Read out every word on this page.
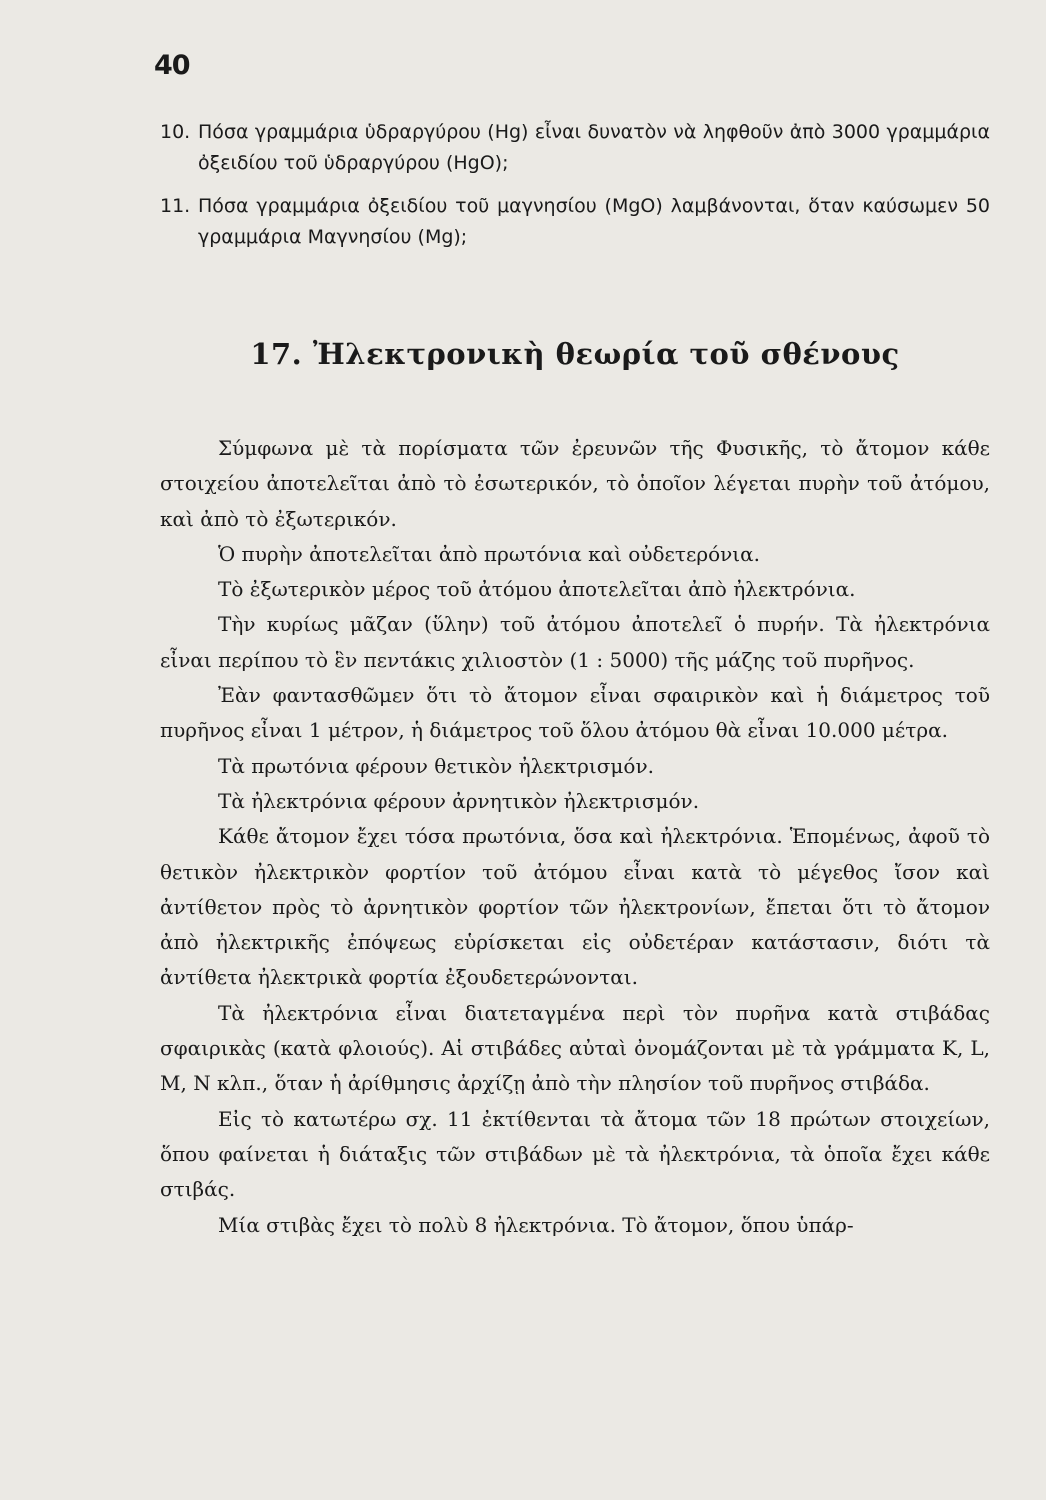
40

10. Πόσα γραμμάρια ὑδραργύρου (Hg) εἶναι δυνατὸν νὰ ληφθοῦν ἀπὸ 3000 γραμμάρια ὀξειδίου τοῦ ὑδραργύρου (HgO);

11. Πόσα γραμμάρια ὀξειδίου τοῦ μαγνησίου (MgO) λαμβάνονται, ὅταν καύσωμεν 50 γραμμάρια Μαγνησίου (Mg);

17. Ἠλεκτρονικὴ θεωρία τοῦ σθένους

Σύμφωνα μὲ τὰ πορίσματα τῶν ἐρευνῶν τῆς Φυσικῆς, τὸ ἄτομον κάθε στοιχείου ἀποτελεῖται ἀπὸ τὸ ἐσωτερικόν, τὸ ὁποῖον λέγεται πυρὴν τοῦ ἀτόμου, καὶ ἀπὸ τὸ ἐξωτερικόν.

Ὁ πυρὴν ἀποτελεῖται ἀπὸ πρωτόνια καὶ οὐδετερόνια.

Τὸ ἐξωτερικὸν μέρος τοῦ ἀτόμου ἀποτελεῖται ἀπὸ ἠλεκτρόνια.

Τὴν κυρίως μᾶζαν (ὕλην) τοῦ ἀτόμου ἀποτελεῖ ὁ πυρήν. Τὰ ἠλεκτρόνια εἶναι περίπου τὸ ἓν πεντάκις χιλιοστὸν (1 : 5000) τῆς μάζης τοῦ πυρῆνος.

Ἐὰν φαντασθῶμεν ὅτι τὸ ἄτομον εἶναι σφαιρικὸν καὶ ἡ διάμετρος τοῦ πυρῆνος εἶναι 1 μέτρον, ἡ διάμετρος τοῦ ὅλου ἀτόμου θὰ εἶναι 10.000 μέτρα.

Τὰ πρωτόνια φέρουν θετικὸν ἠλεκτρισμόν.

Τὰ ἠλεκτρόνια φέρουν ἀρνητικὸν ἠλεκτρισμόν.

Κάθε ἄτομον ἔχει τόσα πρωτόνια, ὅσα καὶ ἠλεκτρόνια. Ἑπομένως, ἀφοῦ τὸ θετικὸν ἠλεκτρικὸν φορτίον τοῦ ἀτόμου εἶναι κατὰ τὸ μέγεθος ἴσον καὶ ἀντίθετον πρὸς τὸ ἀρνητικὸν φορτίον τῶν ἠλεκτρονίων, ἔπεται ὅτι τὸ ἄτομον ἀπὸ ἠλεκτρικῆς ἐπόψεως εὑρίσκεται εἰς οὐδετέραν κατάστασιν, διότι τὰ ἀντίθετα ἠλεκτρικὰ φορτία ἐξουδετερώνονται.

Τὰ ἠλεκτρόνια εἶναι διατεταγμένα περὶ τὸν πυρῆνα κατὰ στιβάδας σφαιρικὰς (κατὰ φλοιούς). Αἱ στιβάδες αὐταὶ ὀνομάζονται μὲ τὰ γράμματα K, L, M, N κλπ., ὅταν ἡ ἀρίθμησις ἀρχίζῃ ἀπὸ τὴν πλησίον τοῦ πυρῆνος στιβάδα.

Εἰς τὸ κατωτέρω σχ. 11 ἐκτίθενται τὰ ἄτομα τῶν 18 πρώτων στοιχείων, ὅπου φαίνεται ἡ διάταξις τῶν στιβάδων μὲ τὰ ἠλεκτρόνια, τὰ ὁποῖα ἔχει κάθε στιβάς.

Μία στιβὰς ἔχει τὸ πολὺ 8 ἠλεκτρόνια. Τὸ ἄτομον, ὅπου ὑπάρ-
